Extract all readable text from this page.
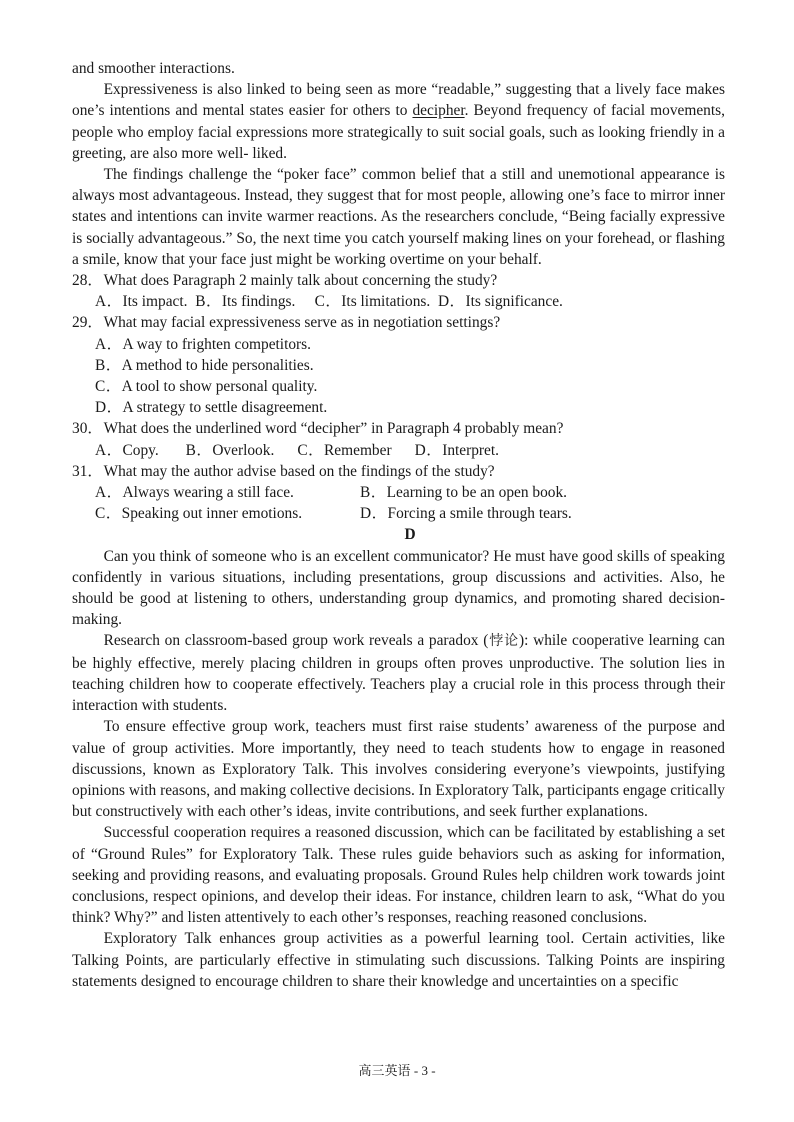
and smoother interactions.

Expressiveness is also linked to being seen as more “readable,” suggesting that a lively face makes one’s intentions and mental states easier for others to decipher. Beyond frequency of facial movements, people who employ facial expressions more strategically to suit social goals, such as looking friendly in a greeting, are also more well- liked.

The findings challenge the “poker face” common belief that a still and unemotional appearance is always most advantageous. Instead, they suggest that for most people, allowing one’s face to mirror inner states and intentions can invite warmer reactions. As the researchers conclude, “Being facially expressive is socially advantageous.” So, the next time you catch yourself making lines on your forehead, or flashing a smile, know that your face just might be working overtime on your behalf.

28．What does Paragraph 2 mainly talk about concerning the study?
A．Its impact. B．Its findings. C．Its limitations. D．Its significance.
29．What may facial expressiveness serve as in negotiation settings?
A．A way to frighten competitors.
B．A method to hide personalities.
C．A tool to show personal quality.
D．A strategy to settle disagreement.
30．What does the underlined word “decipher” in Paragraph 4 probably mean?
A．Copy. B．Overlook. C．Remember D．Interpret.
31．What may the author advise based on the findings of the study?
A．Always wearing a still face.	B．Learning to be an open book.
C．Speaking out inner emotions.	D．Forcing a smile through tears.

D

Can you think of someone who is an excellent communicator? He must have good skills of speaking confidently in various situations, including presentations, group discussions and activities. Also, he should be good at listening to others, understanding group dynamics, and promoting shared decision-making.

Research on classroom-based group work reveals a paradox (悖论): while cooperative learning can be highly effective, merely placing children in groups often proves unproductive. The solution lies in teaching children how to cooperate effectively. Teachers play a crucial role in this process through their interaction with students.

To ensure effective group work, teachers must first raise students’ awareness of the purpose and value of group activities. More importantly, they need to teach students how to engage in reasoned discussions, known as Exploratory Talk. This involves considering everyone’s viewpoints, justifying opinions with reasons, and making collective decisions. In Exploratory Talk, participants engage critically but constructively with each other’s ideas, invite contributions, and seek further explanations.

Successful cooperation requires a reasoned discussion, which can be facilitated by establishing a set of “Ground Rules” for Exploratory Talk. These rules guide behaviors such as asking for information, seeking and providing reasons, and evaluating proposals. Ground Rules help children work towards joint conclusions, respect opinions, and develop their ideas. For instance, children learn to ask, “What do you think? Why?” and listen attentively to each other’s responses, reaching reasoned conclusions.

Exploratory Talk enhances group activities as a powerful learning tool. Certain activities, like Talking Points, are particularly effective in stimulating such discussions. Talking Points are inspiring statements designed to encourage children to share their knowledge and uncertainties on a specific

高三英语 - 3 -
